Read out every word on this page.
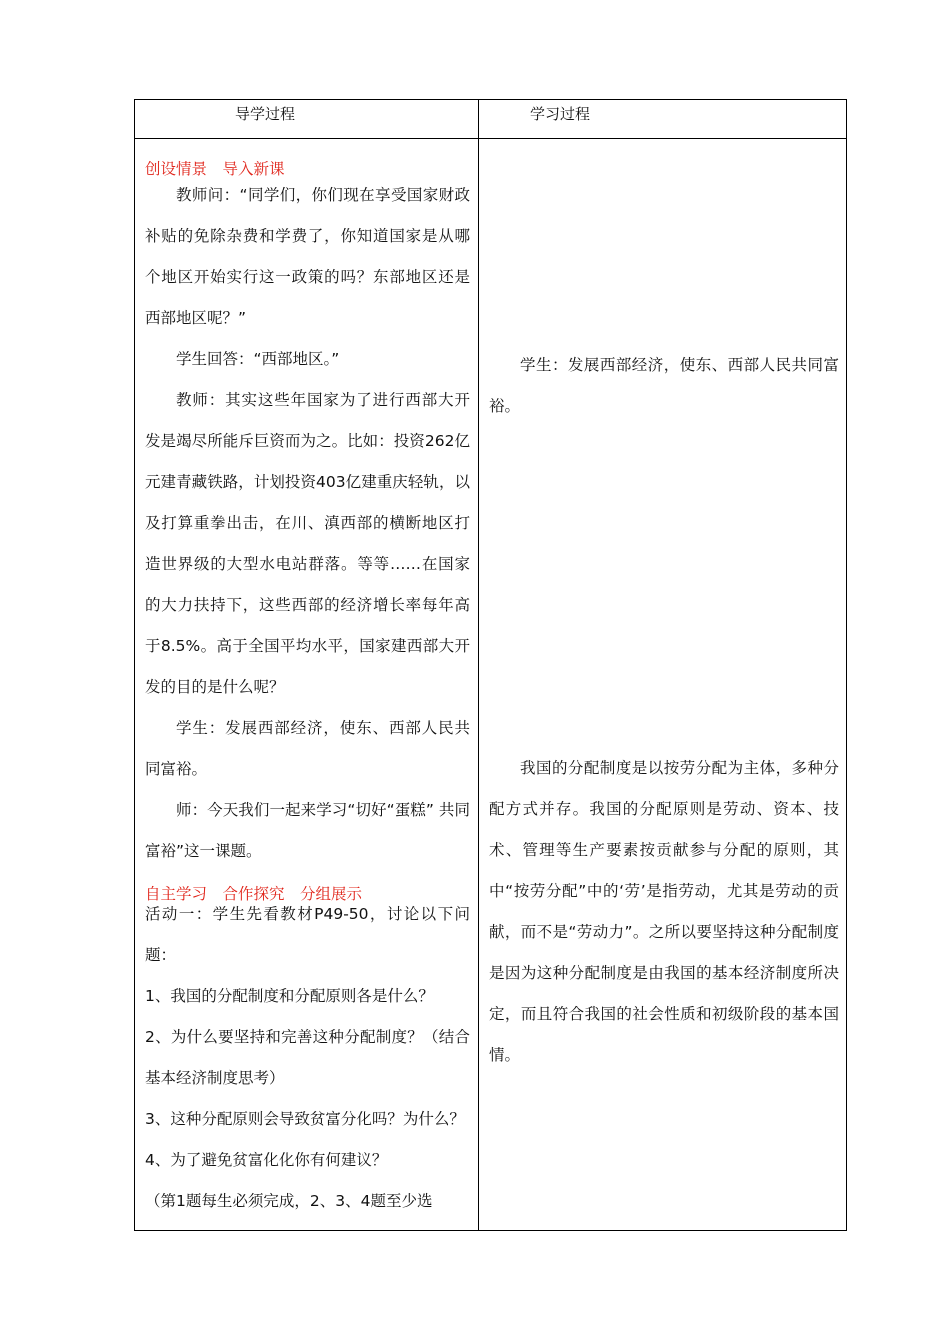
导学过程	学习过程
创设情景　导入新课

教师问：“同学们，你们现在享受国家财政补贴的免除杂费和学费了，你知道国家是从哪个地区开始实行这一政策的吗？东部地区还是西部地区呢？”

学生回答：“西部地区。”

教师：其实这些年国家为了进行西部大开发是竭尽所能斥巨资而为之。比如：投资262亿元建青藏铁路，计划投资403亿建重庆轻轨，以及打算重拳出击，在川、滇西部的横断地区打造世界级的大型水电站群落。等等……在国家的大力扶持下，这些西部的经济增长率每年高于8.5%。高于全国平均水平，国家建西部大开发的目的是什么呢？

学生：发展西部经济，使东、西部人民共同富裕。

师：今天我们一起来学习“切好“蛋糕” 共同富裕”这一课题。

自主学习　合作探究　分组展示

活动一：学生先看教材P49-50，讨论以下问题：

1、我国的分配制度和分配原则各是什么？

2、为什么要坚持和完善这种分配制度？（结合基本经济制度思考）

3、这种分配原则会导致贫富分化吗？为什么？

4、为了避免贫富化化你有何建议？

（第1题每生必须完成，2、3、4题至少选

学生：发展西部经济，使东、西部人民共同富裕。

我国的分配制度是以按劳分配为主体，多种分配方式并存。我国的分配原则是劳动、资本、技术、管理等生产要素按贡献参与分配的原则，其中“按劳分配”中的‘劳’是指劳动，尤其是劳动的贡献，而不是“劳动力”。之所以要坚持这种分配制度是因为这种分配制度是由我国的基本经济制度所决定，而且符合我国的社会性质和初级阶段的基本国情。
